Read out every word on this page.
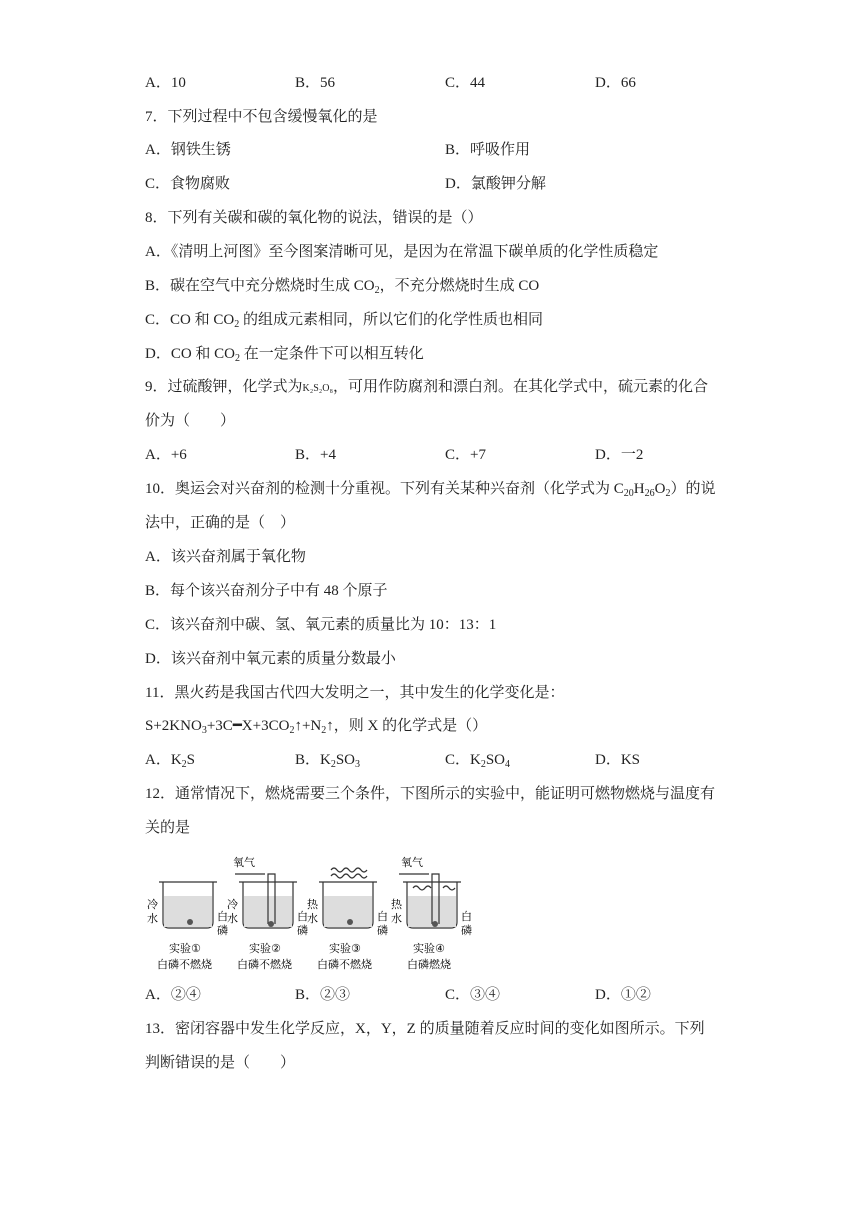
A．10	B．56	C．44	D．66
7．下列过程中不包含缓慢氧化的是
A．钢铁生锈	B．呼吸作用
C．食物腐败	D．氯酸钾分解
8．下列有关碳和碳的氧化物的说法，错误的是（）
A．《清明上河图》至今图案清晰可见，是因为在常温下碳单质的化学性质稳定
B．碳在空气中充分燃烧时生成 $CO_2$，不充分燃烧时生成 CO
C．CO 和 $CO_2$ 的组成元素相同，所以它们的化学性质也相同
D．CO 和 $CO_2$ 在一定条件下可以相互转化
9．过硫酸钾，化学式为K₂S₂O₈，可用作防腐剂和漂白剂。在其化学式中，硫元素的化合
价为（　　）
A．+6	B．+4	C．+7	D．一2
10．奥运会对兴奋剂的检测十分重视。下列有关某种兴奋剂（化学式为 $C_{20}H_{26}O_2$）的说
法中，正确的是（　）
A．该兴奋剂属于氧化物
B．每个该兴奋剂分子中有 48 个原子
C．该兴奋剂中碳、氢、氧元素的质量比为 10：13：1
D．该兴奋剂中氧元素的质量分数最小
11．黑火药是我国古代四大发明之一，其中发生的化学变化是：
$S+2KNO_3+3C━X+3CO_2↑+N_2↑$，则 X 的化学式是（）
A．$K_2S$	B．$K_2SO_3$	C．$K_2SO_4$	D．KS
12．通常情况下，燃烧需要三个条件，下图所示的实验中，能证明可燃物燃烧与温度有
关的是
冷
水	白
磷
氧气
冷
水	白
磷
热
水	白
磷
氧气
热
水	白
磷
实验①	实验②	实验③	实验④
白磷不燃烧 白磷不燃烧 白磷不燃烧	白磷燃烧
A．②④	B．②③	C．③④	D．①②
13．密闭容器中发生化学反应，X，Y，Z 的质量随着反应时间的变化如图所示。下列
判断错误的是（　　）
